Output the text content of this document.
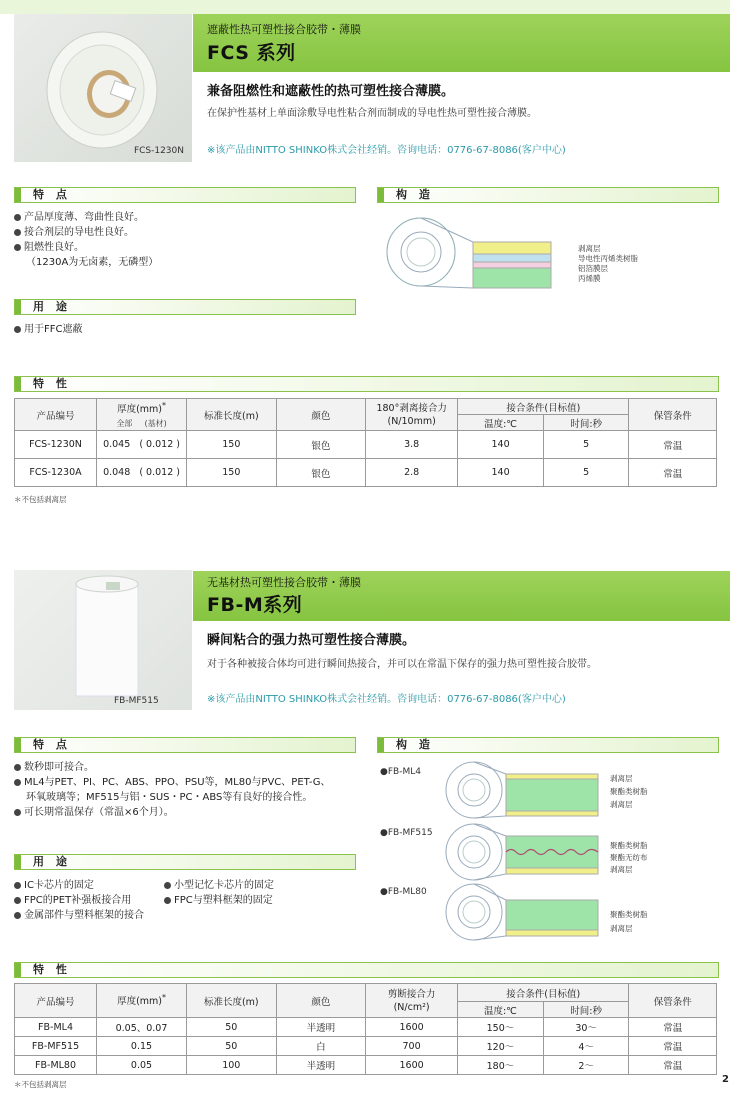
FCS-1230N
遮蔽性热可塑性接合胶带・薄膜
FCS 系列
兼备阻燃性和遮蔽性的热可塑性接合薄膜。
在保护性基材上单面涂敷导电性粘合剂而制成的导电性热可塑性接合薄膜。
※该产品由NITTO SHINKO株式会社经销。咨询电话：0776-67-8086(客户中心)
特 点
产品厚度薄、弯曲性良好。
接合剂层的导电性良好。
阻燃性良好。
（1230A为无卤素，无磷型）
构 造
剥离层
导电性丙烯类树脂
铝箔膜层
丙烯膜
用 途
用于FFC遮蔽
特 性
产品编号	厚度(mm)*
全部 (基材)	标准长度(m)	颜色	180°剥离接合力
(N/10mm)	接合条件(目标值)		保管条件
					温度:℃	时间:秒	
FCS-1230N	0.045 ( 0.012 )	150	银色	3.8	140	5	常温
FCS-1230A	0.048 ( 0.012 )	150	银色	2.8	140	5	常温
＊不包括剥离层
FB-MF515
无基材热可塑性接合胶带・薄膜
FB-M系列
瞬间粘合的强力热可塑性接合薄膜。
对于各种被接合体均可进行瞬间热接合，并可以在常温下保存的强力热可塑性接合胶带。
※该产品由NITTO SHINKO株式会社经销。咨询电话：0776-67-8086(客户中心)
特 点
数秒即可接合。
ML4与PET、PI、PC、ABS、PPO、PSU等，ML80与PVC、PET-G、
环氧玻璃等；MF515与铝・SUS・PC・ABS等有良好的接合性。
可长期常温保存（常温×6个月）。
构 造
●FB-ML4
剥离层
聚酯类树脂
剥离层
●FB-MF515
聚酯类树脂
聚酯无纺布
剥离层
●FB-ML80
聚酯类树脂
剥离层
用 途
IC卡芯片的固定
FPC的PET补强板接合用
金属部件与塑料框架的接合
小型记忆卡芯片的固定
FPC与塑料框架的固定
特 性
产品编号	厚度(mm)*	标准长度(m)	颜色	剪断接合力
(N/cm²)	接合条件(目标值)		保管条件
					温度:℃	时间:秒	
FB-ML4	0.05、0.07	50	半透明	1600	150～	30～	常温
FB-MF515	0.15	50	白	700	120～	4～	常温
FB-ML80	0.05	100	半透明	1600	180～	2～	常温
＊不包括剥离层	2
